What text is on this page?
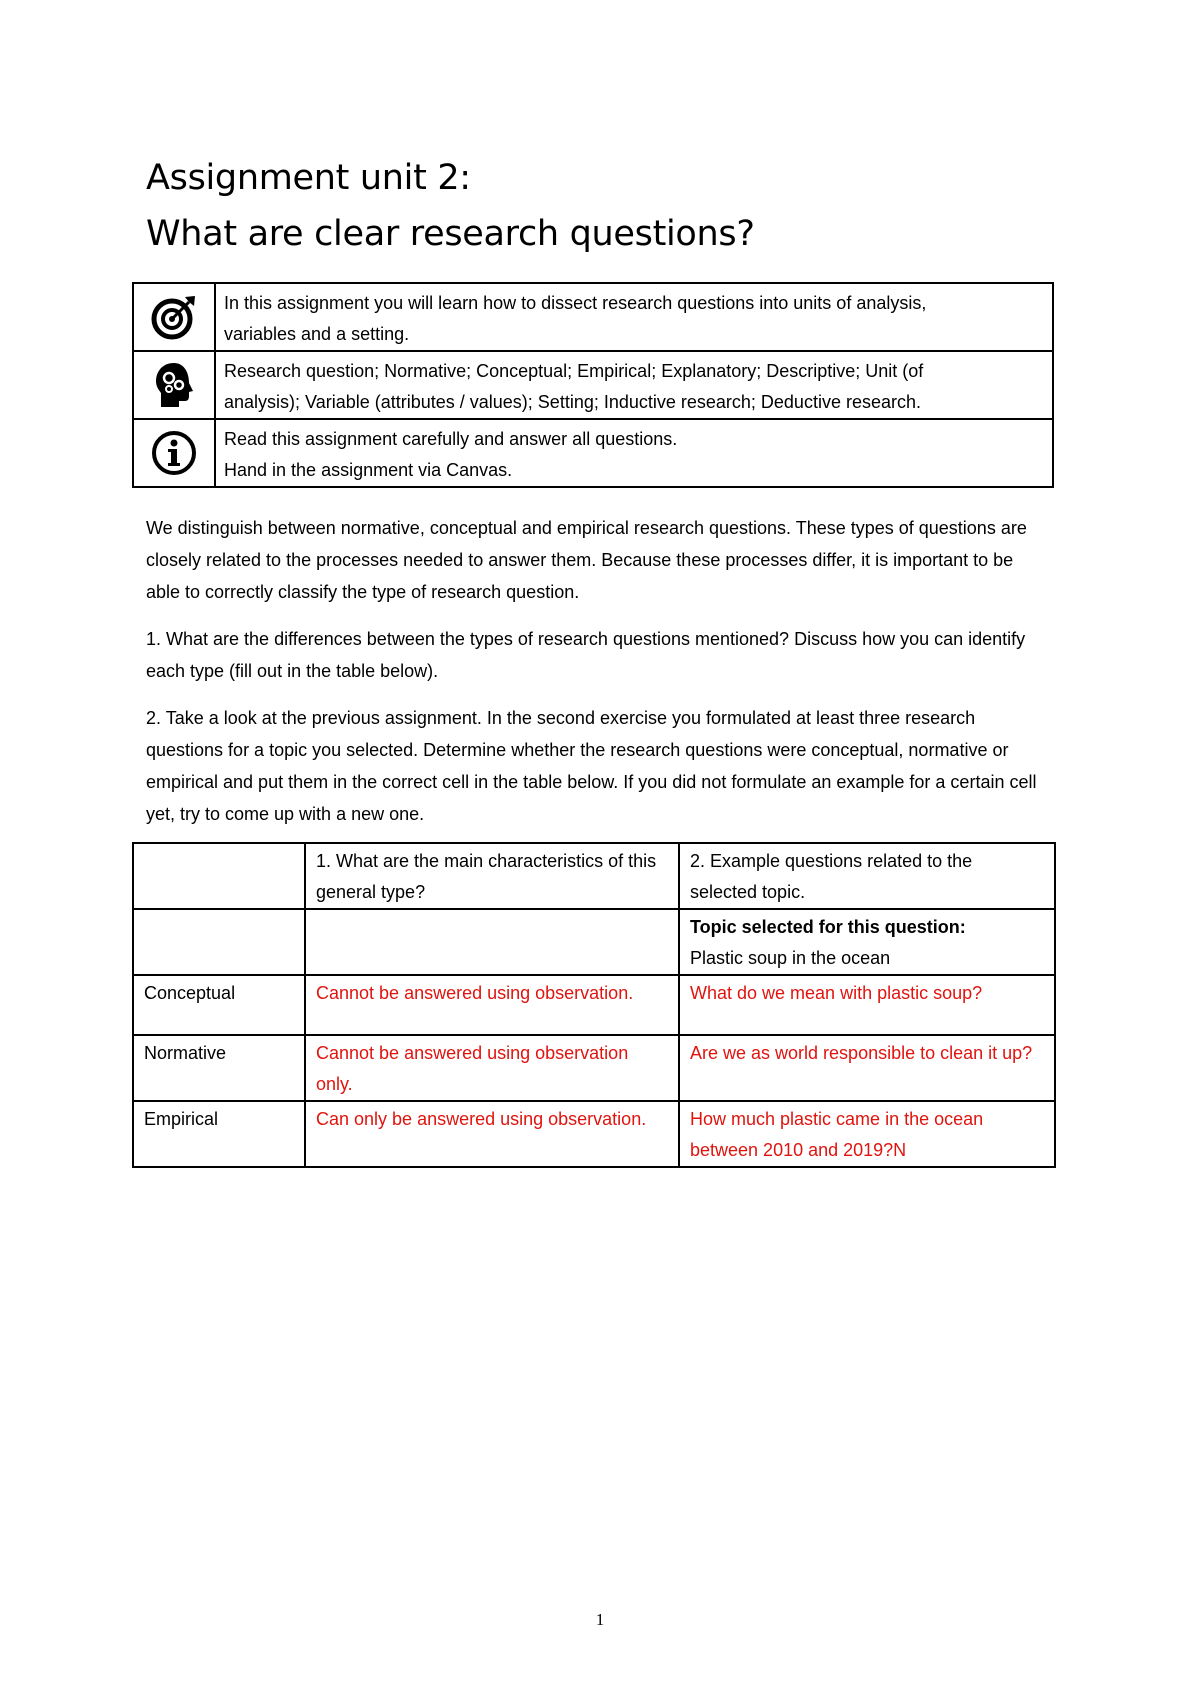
Assignment unit 2:
What are clear research questions?

In this assignment you will learn how to dissect research questions into units of analysis,
variables and a setting.

Research question; Normative; Conceptual; Empirical; Explanatory; Descriptive; Unit (of
analysis); Variable (attributes / values); Setting; Inductive research; Deductive research.

Read this assignment carefully and answer all questions.
Hand in the assignment via Canvas.

We distinguish between normative, conceptual and empirical research questions. These types of questions are closely related to the processes needed to answer them. Because these processes differ, it is important to be able to correctly classify the type of research question.

1. What are the differences between the types of research questions mentioned? Discuss how you can identify each type (fill out in the table below).

2. Take a look at the previous assignment. In the second exercise you formulated at least three research questions for a topic you selected. Determine whether the research questions were conceptual, normative or empirical and put them in the correct cell in the table below. If you did not formulate an example for a certain cell yet, try to come up with a new one.

	1. What are the main characteristics of this general type?	2. Example questions related to the selected topic.

		Topic selected for this question:
Plastic soup in the ocean

Conceptual	Cannot be answered using observation.	What do we mean with plastic soup?
Normative	Cannot be answered using observation only.	Are we as world responsible to clean it up?
Empirical	Can only be answered using observation.	How much plastic came in the ocean between 2010 and 2019?N
1
